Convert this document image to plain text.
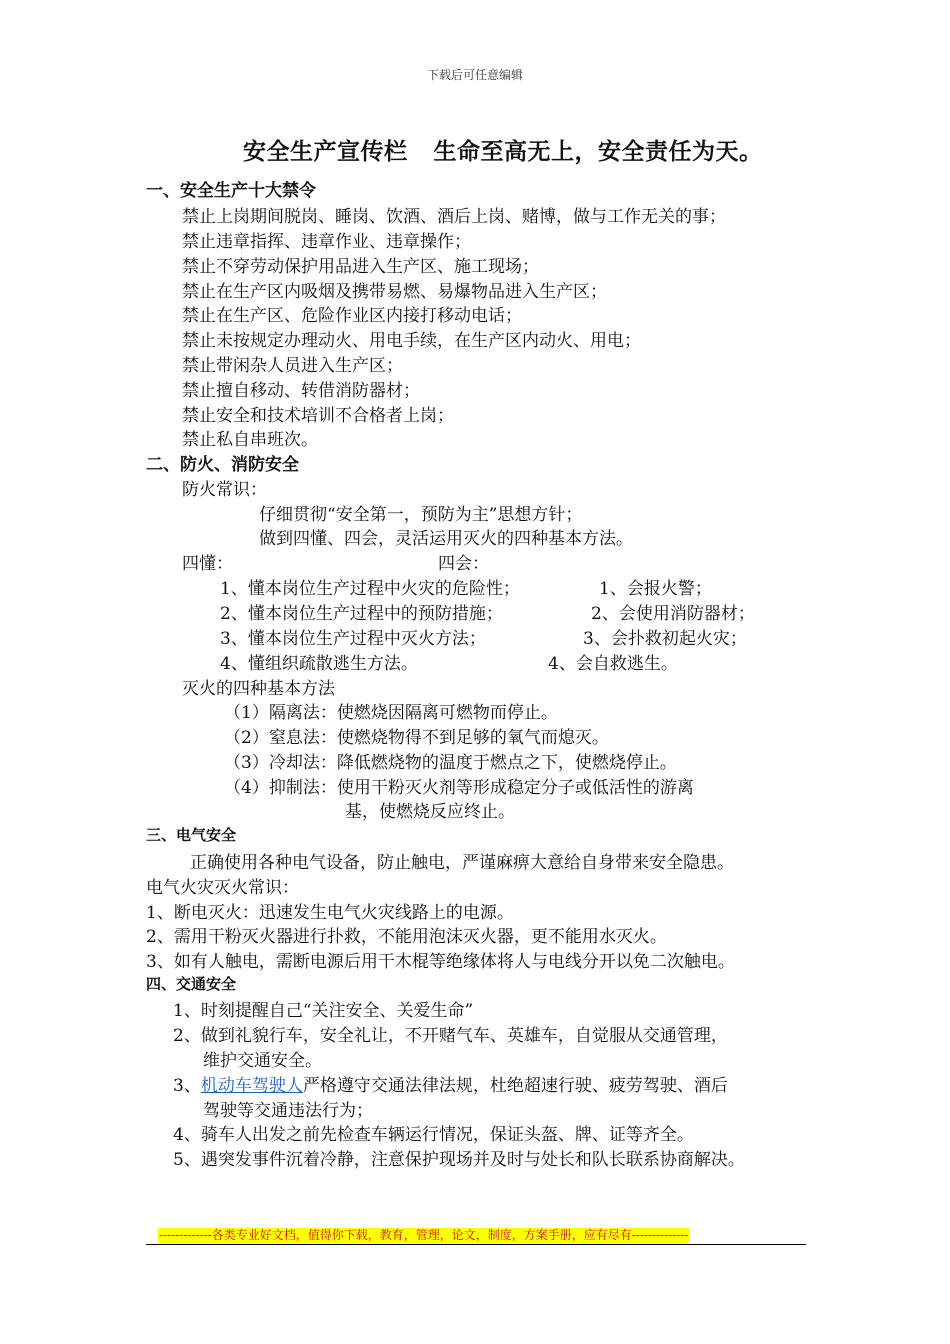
下载后可任意编辑
安全生产宣传栏 生命至高无上，安全责任为天。
一、安全生产十大禁令
禁止上岗期间脱岗、睡岗、饮酒、酒后上岗、赌博，做与工作无关的事；
禁止违章指挥、违章作业、违章操作；
禁止不穿劳动保护用品进入生产区、施工现场；
禁止在生产区内吸烟及携带易燃、易爆物品进入生产区；
禁止在生产区、危险作业区内接打移动电话；
禁止未按规定办理动火、用电手续，在生产区内动火、用电；
禁止带闲杂人员进入生产区；
禁止擅自移动、转借消防器材；
禁止安全和技术培训不合格者上岗；
禁止私自串班次。
二、防火、消防安全
防火常识：
仔细贯彻“安全第一，预防为主”思想方针；
做到四懂、四会，灵活运用灭火的四种基本方法。
四懂：	四会：
1、懂本岗位生产过程中火灾的危险性；	1、会报火警；
2、懂本岗位生产过程中的预防措施；	2、会使用消防器材；
3、懂本岗位生产过程中灭火方法；	3、会扑救初起火灾；
4、懂组织疏散逃生方法。	4、会自救逃生。
灭火的四种基本方法
（1）隔离法：使燃烧因隔离可燃物而停止。
（2）窒息法：使燃烧物得不到足够的氧气而熄灭。
（3）冷却法：降低燃烧物的温度于燃点之下，使燃烧停止。
（4）抑制法：使用干粉灭火剂等形成稳定分子或低活性的游离
基，使燃烧反应终止。
三、电气安全
正确使用各种电气设备，防止触电，严谨麻痹大意给自身带来安全隐患。
电气火灾灭火常识：
1、断电灭火：迅速发生电气火灾线路上的电源。
2、需用干粉灭火器进行扑救，不能用泡沫灭火器，更不能用水灭火。
3、如有人触电，需断电源后用干木棍等绝缘体将人与电线分开以免二次触电。
四、交通安全
1、时刻提醒自己“关注安全、关爱生命”
2、做到礼貌行车，安全礼让，不开赌气车、英雄车，自觉服从交通管理，
维护交通安全。
3、机动车驾驶人严格遵守交通法律法规，杜绝超速行驶、疲劳驾驶、酒后
驾驶等交通违法行为；
4、骑车人出发之前先检查车辆运行情况，保证头盔、牌、证等齐全。
5、遇突发事件沉着冷静，注意保护现场并及时与处长和队长联系协商解决。
-------------各类专业好文档，值得你下载，教育，管理，论文，制度，方案手册，应有尽有--------------
